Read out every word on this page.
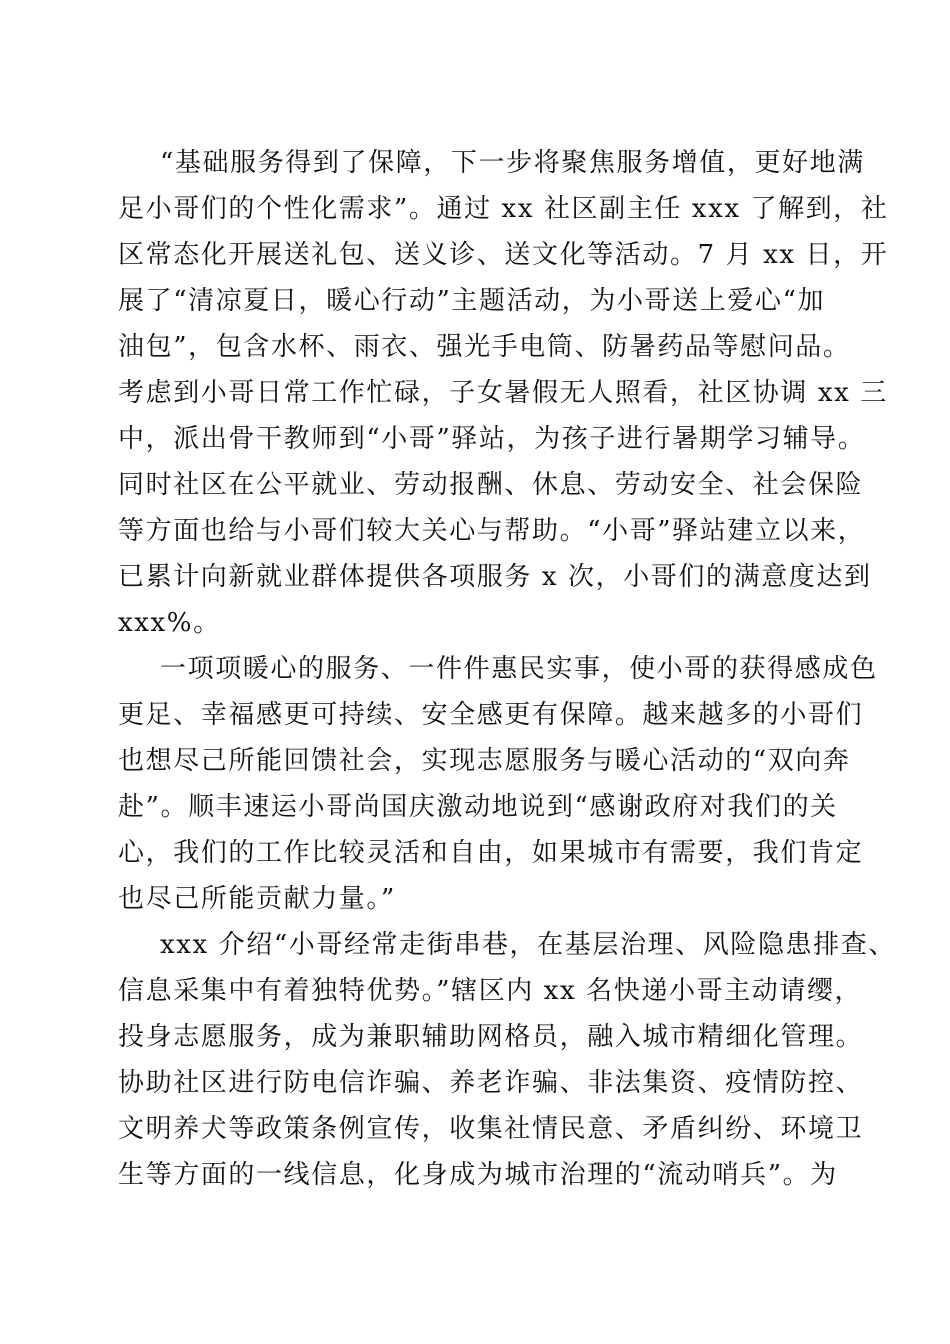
“基础服务得到了保障，下一步将聚焦服务增值，更好地满
足小哥们的个性化需求”。通过 xx 社区副主任 xxx 了解到，社
区常态化开展送礼包、送义诊、送文化等活动。7 月 xx 日，开
展了“清凉夏日，暖心行动”主题活动，为小哥送上爱心“加
油包”，包含水杯、雨衣、强光手电筒、防暑药品等慰问品。
考虑到小哥日常工作忙碌，子女暑假无人照看，社区协调 xx 三
中，派出骨干教师到“小哥”驿站，为孩子进行暑期学习辅导。
同时社区在公平就业、劳动报酬、休息、劳动安全、社会保险
等方面也给与小哥们较大关心与帮助。“小哥”驿站建立以来，
已累计向新就业群体提供各项服务 x 次，小哥们的满意度达到
xxx%。
一项项暖心的服务、一件件惠民实事，使小哥的获得感成色
更足、幸福感更可持续、安全感更有保障。越来越多的小哥们
也想尽己所能回馈社会，实现志愿服务与暖心活动的“双向奔
赴”。顺丰速运小哥尚国庆激动地说到“感谢政府对我们的关
心，我们的工作比较灵活和自由，如果城市有需要，我们肯定
也尽己所能贡献力量。”
xxx 介绍“小哥经常走街串巷，在基层治理、风险隐患排查、
信息采集中有着独特优势。”辖区内 xx 名快递小哥主动请缨，
投身志愿服务，成为兼职辅助网格员，融入城市精细化管理。
协助社区进行防电信诈骗、养老诈骗、非法集资、疫情防控、
文明养犬等政策条例宣传，收集社情民意、矛盾纠纷、环境卫
生等方面的一线信息，化身成为城市治理的“流动哨兵”。为
